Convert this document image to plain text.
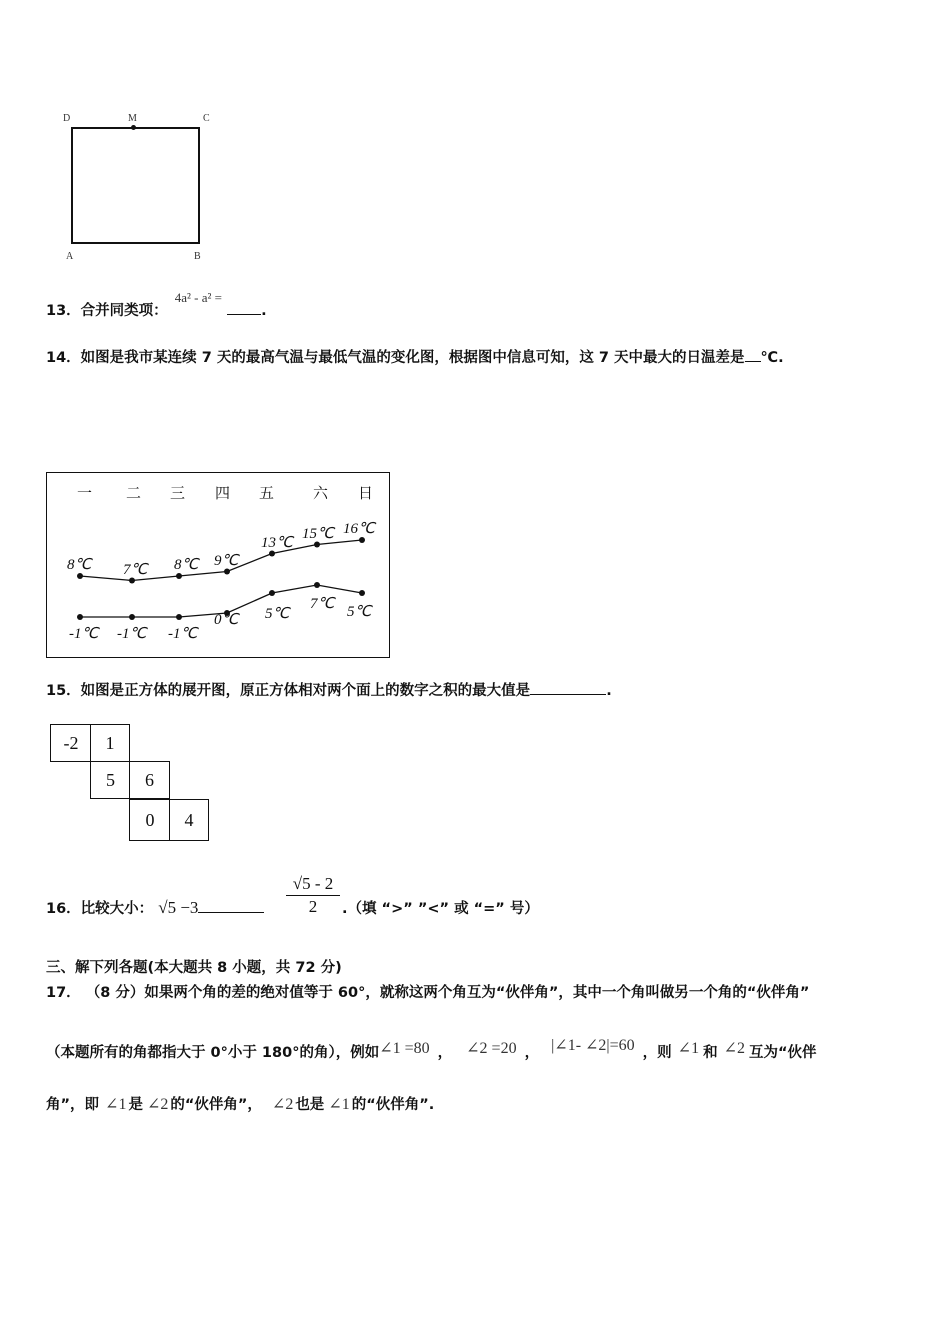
D	M	C
A	B
13．合并同类项： 4a² - a² = .
14．如图是我市某连续 7 天的最高气温与最低气温的变化图，根据图中信息可知，这 7 天中最大的日温差是 ℃.
一 二 三 四 五	六 日
8℃ 7℃ 8℃ 9℃
13℃
15℃ 16℃
-1℃ -1℃ -1℃
0℃ 5℃
7℃ 5℃
15．如图是正方体的展开图，原正方体相对两个面上的数字之积的最大值是	.
-2	1
5	6
0	4
16．比较大小： √5 −3	$\frac{√5 - 2}{2}$ .（填 “>” ”<” 或 “=” 号）
三、解下列各题(本大题共 8 小题，共 72 分)
17． （8 分）如果两个角的差的绝对值等于 60°，就称这两个角互为“伙伴角”，其中一个角叫做另一个角的“伙伴角”
（本题所有的角都指大于 0°小于 180°的角），例如∠1 =80 ， ∠2 =20 ， |∠1- ∠2|=60 ，则 ∠1 和 ∠2 互为“伙伴
角”，即 ∠1 是 ∠2 的“伙伴角”， ∠2 也是 ∠1 的“伙伴角”.
